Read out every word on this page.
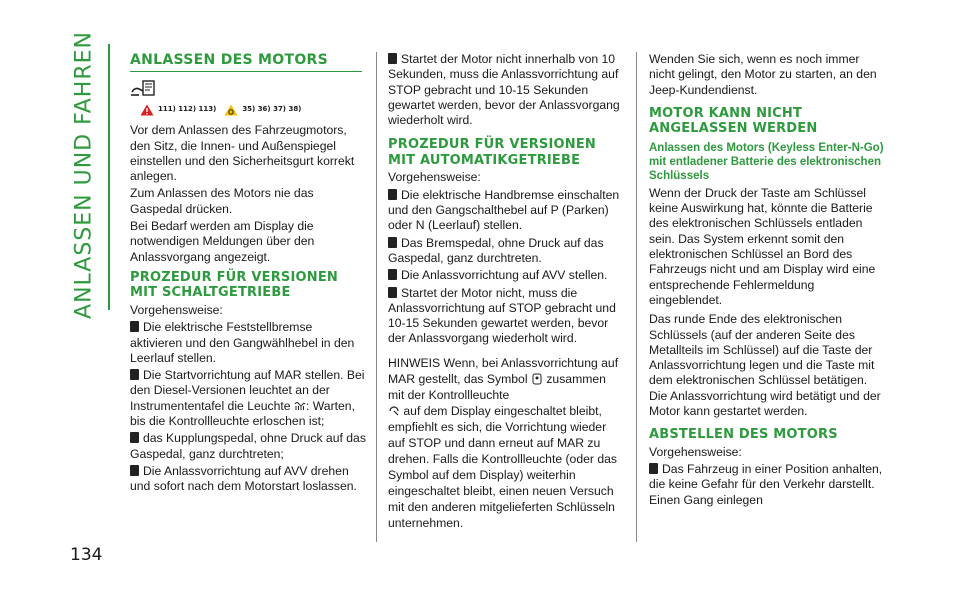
ANLASSEN UND FAHREN
134
ANLASSEN DES MOTORS
111) 112) 113)	35) 36) 37) 38)

Vor dem Anlassen des Fahrzeugmotors, den Sitz, die Innen- und Außenspiegel einstellen und den Sicherheitsgurt korrekt anlegen.

Zum Anlassen des Motors nie das Gaspedal drücken.

Bei Bedarf werden am Display die notwendigen Meldungen über den Anlassvorgang angezeigt.

PROZEDUR FÜR VERSIONEN MIT SCHALTGETRIEBE

Vorgehensweise:

Die elektrische Feststellbremse aktivieren und den Gangwählhebel in den Leerlauf stellen.

Die Startvorrichtung auf MAR stellen. Bei den Diesel-Versionen leuchtet an der Instrumententafel die Leuchte : Warten, bis die Kontrollleuchte erloschen ist;

das Kupplungspedal, ohne Druck auf das Gaspedal, ganz durchtreten;

Die Anlassvorrichtung auf AVV drehen und sofort nach dem Motorstart loslassen.

Startet der Motor nicht innerhalb von 10 Sekunden, muss die Anlassvorrichtung auf STOP gebracht und 10-15 Sekunden gewartet werden, bevor der Anlassvorgang wiederholt wird.

PROZEDUR FÜR VERSIONEN MIT AUTOMATIKGETRIEBE

Vorgehensweise:

Die elektrische Handbremse einschalten und den Gangschalthebel auf P (Parken) oder N (Leerlauf) stellen.

Das Bremspedal, ohne Druck auf das Gaspedal, ganz durchtreten.

Die Anlassvorrichtung auf AVV stellen.

Startet der Motor nicht, muss die Anlassvorrichtung auf STOP gebracht und 10-15 Sekunden gewartet werden, bevor der Anlassvorgang wiederholt wird.

HINWEIS Wenn, bei Anlassvorrichtung auf MAR gestellt, das Symbol zusammen mit der Kontrollleuchte
auf dem Display eingeschaltet bleibt, empfiehlt es sich, die Vorrichtung wieder auf STOP und dann erneut auf MAR zu drehen. Falls die Kontrollleuchte (oder das Symbol auf dem Display) weiterhin eingeschaltet bleibt, einen neuen Versuch mit den anderen mitgelieferten Schlüsseln unternehmen.

Wenden Sie sich, wenn es noch immer nicht gelingt, den Motor zu starten, an den Jeep-Kundendienst.

MOTOR KANN NICHT ANGELASSEN WERDEN
Anlassen des Motors (Keyless Enter-N-Go) mit entladener Batterie des elektronischen Schlüssels

Wenn der Druck der Taste am Schlüssel keine Auswirkung hat, könnte die Batterie des elektronischen Schlüssels entladen sein. Das System erkennt somit den elektronischen Schlüssel an Bord des Fahrzeugs nicht und am Display wird eine entsprechende Fehlermeldung eingeblendet.

Das runde Ende des elektronischen Schlüssels (auf der anderen Seite des Metallteils im Schlüssel) auf die Taste der Anlassvorrichtung legen und die Taste mit dem elektronischen Schlüssel betätigen. Die Anlassvorrichtung wird betätigt und der Motor kann gestartet werden.

ABSTELLEN DES MOTORS

Vorgehensweise:

Das Fahrzeug in einer Position anhalten, die keine Gefahr für den Verkehr darstellt. Einen Gang einlegen
